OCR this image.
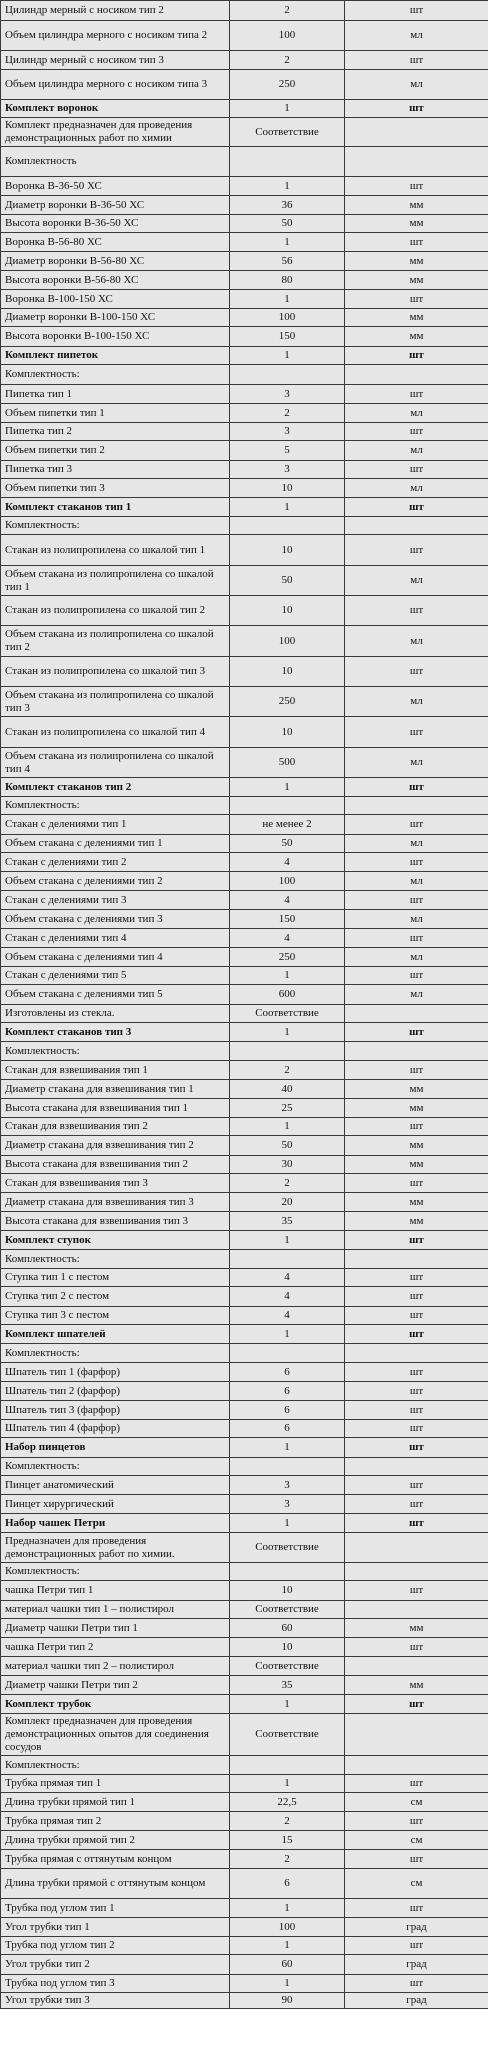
Цилиндр мерный с носиком тип 2	2	шт
Объем цилиндра мерного с носиком типа 2	100	мл
Цилиндр мерный с носиком тип 3	2	шт
Объем цилиндра мерного с носиком типа 3	250	мл
Комплект воронок	1	шт
Комплект предназначен для проведения демонстрационных работ по химии	Соответствие	
Комплектность		
Воронка В-36-50 ХС	1	шт
Диаметр воронки В-36-50 ХС	36	мм
Высота воронки В-36-50 ХС	50	мм
Воронка В-56-80 ХС	1	шт
Диаметр воронки В-56-80 ХС	56	мм
Высота воронки В-56-80 ХС	80	мм
Воронка В-100-150 ХС	1	шт
Диаметр воронки В-100-150 ХС	100	мм
Высота воронки В-100-150 ХС	150	мм
Комплект пипеток	1	шт
Комплектность:		
Пипетка тип 1	3	шт
Объем пипетки тип 1	2	мл
Пипетка тип 2	3	шт
Объем пипетки тип 2	5	мл
Пипетка тип 3	3	шт
Объем пипетки тип 3	10	мл
Комплект стаканов тип 1	1	шт
Комплектность:		
Стакан из полипропилена со шкалой тип 1	10	шт
Объем стакана из полипропилена со шкалой тип 1	50	мл
Стакан из полипропилена со шкалой тип 2	10	шт
Объем стакана из полипропилена со шкалой тип 2	100	мл
Стакан из полипропилена со шкалой тип 3	10	шт
Объем стакана из полипропилена со шкалой тип 3	250	мл
Стакан из полипропилена со шкалой тип 4	10	шт
Объем стакана из полипропилена со шкалой тип 4	500	мл
Комплект стаканов тип 2	1	шт
Комплектность:		
Стакан с делениями тип 1	не менее 2	шт
Объем стакана с делениями тип 1	50	мл
Стакан с делениями тип 2	4	шт
Объем стакана с делениями тип 2	100	мл
Стакан с делениями тип 3	4	шт
Объем стакана с делениями тип 3	150	мл
Стакан с делениями тип 4	4	шт
Объем стакана с делениями тип 4	250	мл
Стакан с делениями тип 5	1	шт
Объем стакана с делениями тип 5	600	мл
Изготовлены из стекла.	Соответствие	
Комплект стаканов тип 3	1	шт
Комплектность:		
Стакан для взвешивания тип 1	2	шт
Диаметр стакана для взвешивания тип 1	40	мм
Высота стакана для взвешивания тип 1	25	мм
Стакан для взвешивания тип 2	1	шт
Диаметр стакана для взвешивания тип 2	50	мм
Высота стакана для взвешивания тип 2	30	мм
Стакан для взвешивания тип 3	2	шт
Диаметр стакана для взвешивания тип 3	20	мм
Высота стакана для взвешивания тип 3	35	мм
Комплект ступок	1	шт
Комплектность:		
Ступка тип 1 с пестом	4	шт
Ступка тип 2 с пестом	4	шт
Ступка тип 3 с пестом	4	шт
Комплект шпателей	1	шт
Комплектность:		
Шпатель тип 1 (фарфор)	6	шт
Шпатель тип 2 (фарфор)	6	шт
Шпатель тип 3 (фарфор)	6	шт
Шпатель тип 4 (фарфор)	6	шт
Набор пинцетов	1	шт
Комплектность:		
Пинцет анатомический	3	шт
Пинцет хирургический	3	шт
Набор чашек Петри	1	шт
Предназначен для проведения демонстрационных работ по химии.	Соответствие	
Комплектность:		
чашка Петри тип 1	10	шт
материал чашки тип 1 – полистирол	Соответствие	
Диаметр чашки Петри тип 1	60	мм
чашка Петри тип 2	10	шт
материал чашки тип 2 – полистирол	Соответствие	
Диаметр чашки Петри тип 2	35	мм
Комплект трубок	1	шт
Комплект предназначен для проведения демонстрационных опытов для соединения сосудов	Соответствие	
Комплектность:		
Трубка прямая тип 1	1	шт
Длина трубки прямой тип 1	22,5	см
Трубка прямая тип 2	2	шт
Длина трубки прямой тип 2	15	см
Трубка прямая с оттянутым концом	2	шт
Длина трубки прямой с оттянутым концом	6	см
Трубка под углом тип 1	1	шт
Угол трубки тип 1	100	град
Трубка под углом тип 2	1	шт
Угол трубки тип 2	60	град
Трубка под углом тип 3	1	шт
Угол трубки тип 3	90	град
